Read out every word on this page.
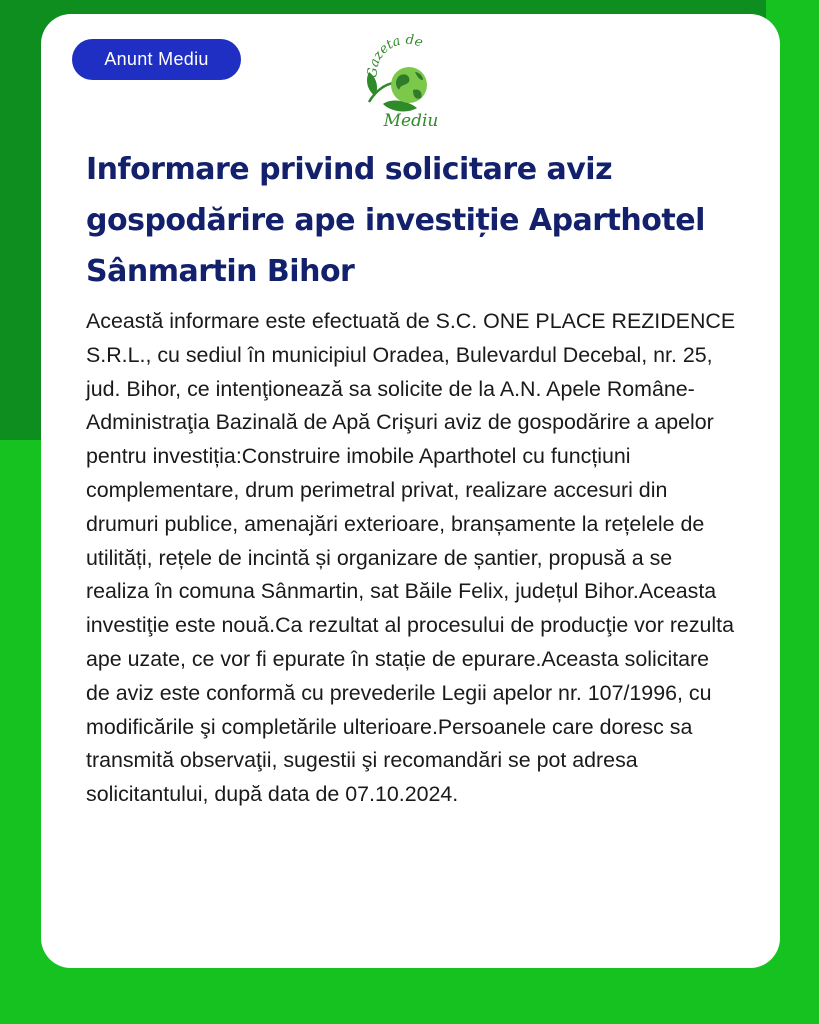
Anunt Mediu
Gazeta de
Mediu
Informare privind solicitare aviz gospodărire ape investiție Aparthotel Sânmartin Bihor

Această informare este efectuată de S.C. ONE PLACE REZIDENCE S.R.L., cu sediul în municipiul Oradea, Bulevardul Decebal, nr. 25, jud. Bihor, ce intenţionează sa solicite de la A.N. Apele Române-Administraţia Bazinală de Apă Crişuri aviz de gospodărire a apelor pentru investiția:Construire imobile Aparthotel cu funcțiuni complementare, drum perimetral privat, realizare accesuri din drumuri publice, amenajări exterioare, branșamente la rețelele de utilități, rețele de incintă și organizare de șantier, propusă a se realiza în comuna Sânmartin, sat Băile Felix, județul Bihor.Aceasta investiţie este nouă.Ca rezultat al procesului de producţie vor rezulta ape uzate, ce vor fi epurate în stație de epurare.Aceasta solicitare de aviz este conformă cu prevederile Legii apelor nr. 107/1996, cu modificările şi completările ulterioare.Persoanele care doresc sa transmită observaţii, sugestii şi recomandări se pot adresa solicitantului, după data de 07.10.2024.
